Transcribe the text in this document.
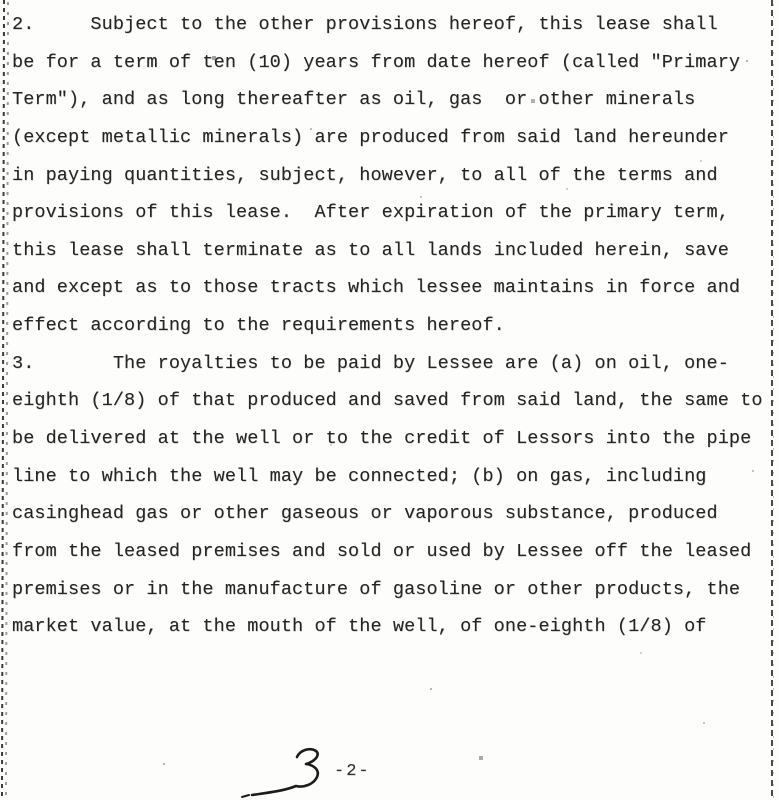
2.     Subject to the other provisions hereof, this lease shall
be for a term of ten (10) years from date hereof (called "Primary
Term"), and as long thereafter as oil, gas  or other minerals
(except metallic minerals) are produced from said land hereunder
in paying quantities, subject, however, to all of the terms and
provisions of this lease.  After expiration of the primary term,
this lease shall terminate as to all lands included herein, save
and except as to those tracts which lessee maintains in force and
effect according to the requirements hereof.
3.       The royalties to be paid by Lessee are (a) on oil, one-
eighth (1/8) of that produced and saved from said land, the same to
be delivered at the well or to the credit of Lessors into the pipe
line to which the well may be connected; (b) on gas, including
casinghead gas or other gaseous or vaporous substance, produced
from the leased premises and sold or used by Lessee off the leased
premises or in the manufacture of gasoline or other products, the
market value, at the mouth of the well, of one-eighth (1/8) of
-2-
